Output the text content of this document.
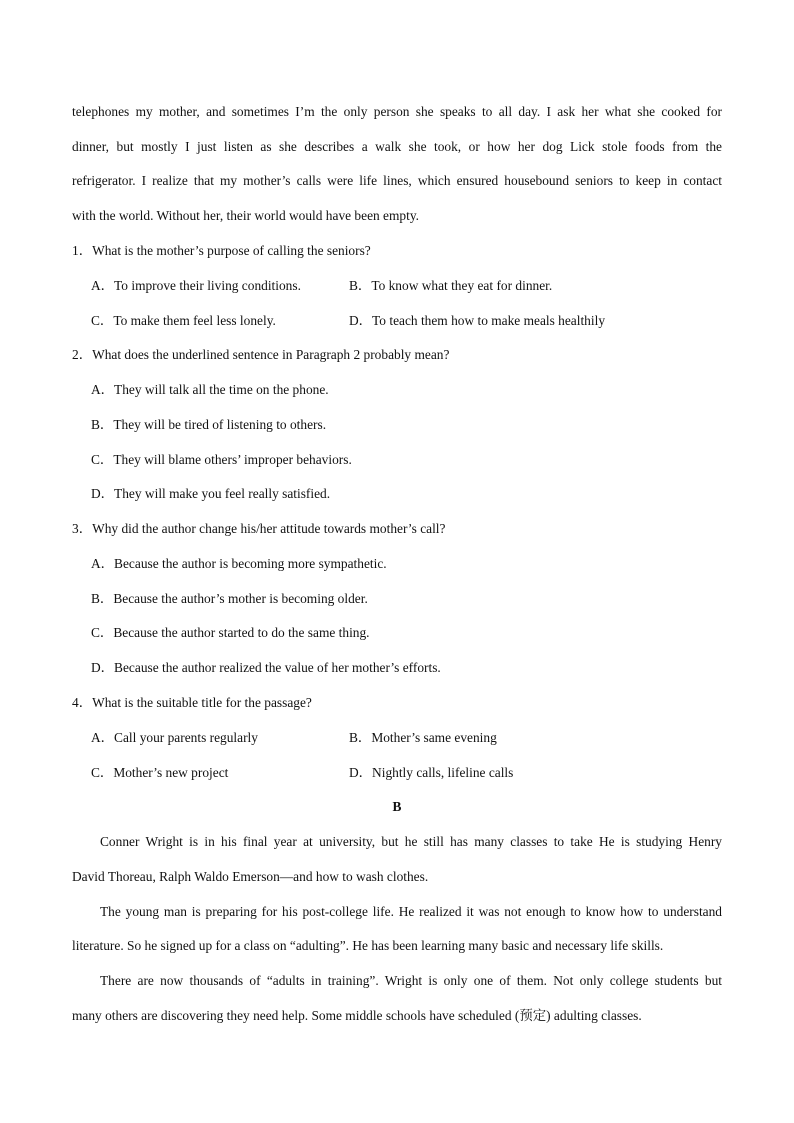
telephones my mother, and sometimes I’m the only person she speaks to all day. I ask her what she cooked for
dinner, but mostly I just listen as she describes a walk she took, or how her dog Lick stole foods from the
refrigerator. I realize that my mother’s calls were life lines, which ensured housebound seniors to keep in contact
with the world. Without her, their world would have been empty.
1．What is the mother’s purpose of calling the seniors?
A．To improve their living conditions.	B．To know what they eat for dinner.
C．To make them feel less lonely.	D．To teach them how to make meals healthily
2．What does the underlined sentence in Paragraph 2 probably mean?
A．They will talk all the time on the phone.
B．They will be tired of listening to others.
C．They will blame others’ improper behaviors.
D．They will make you feel really satisfied.
3．Why did the author change his/her attitude towards mother’s call?
A．Because the author is becoming more sympathetic.
B．Because the author’s mother is becoming older.
C．Because the author started to do the same thing.
D．Because the author realized the value of her mother’s efforts.
4．What is the suitable title for the passage?
A．Call your parents regularly	B．Mother’s same evening
C．Mother’s new project	D．Nightly calls, lifeline calls
B
Conner Wright is in his final year at university, but he still has many classes to take He is studying Henry
David Thoreau, Ralph Waldo Emerson—and how to wash clothes.
The young man is preparing for his post-college life. He realized it was not enough to know how to understand
literature. So he signed up for a class on “adulting”. He has been learning many basic and necessary life skills.
There are now thousands of “adults in training”. Wright is only one of them. Not only college students but
many others are discovering they need help. Some middle schools have scheduled (预定) adulting classes.
